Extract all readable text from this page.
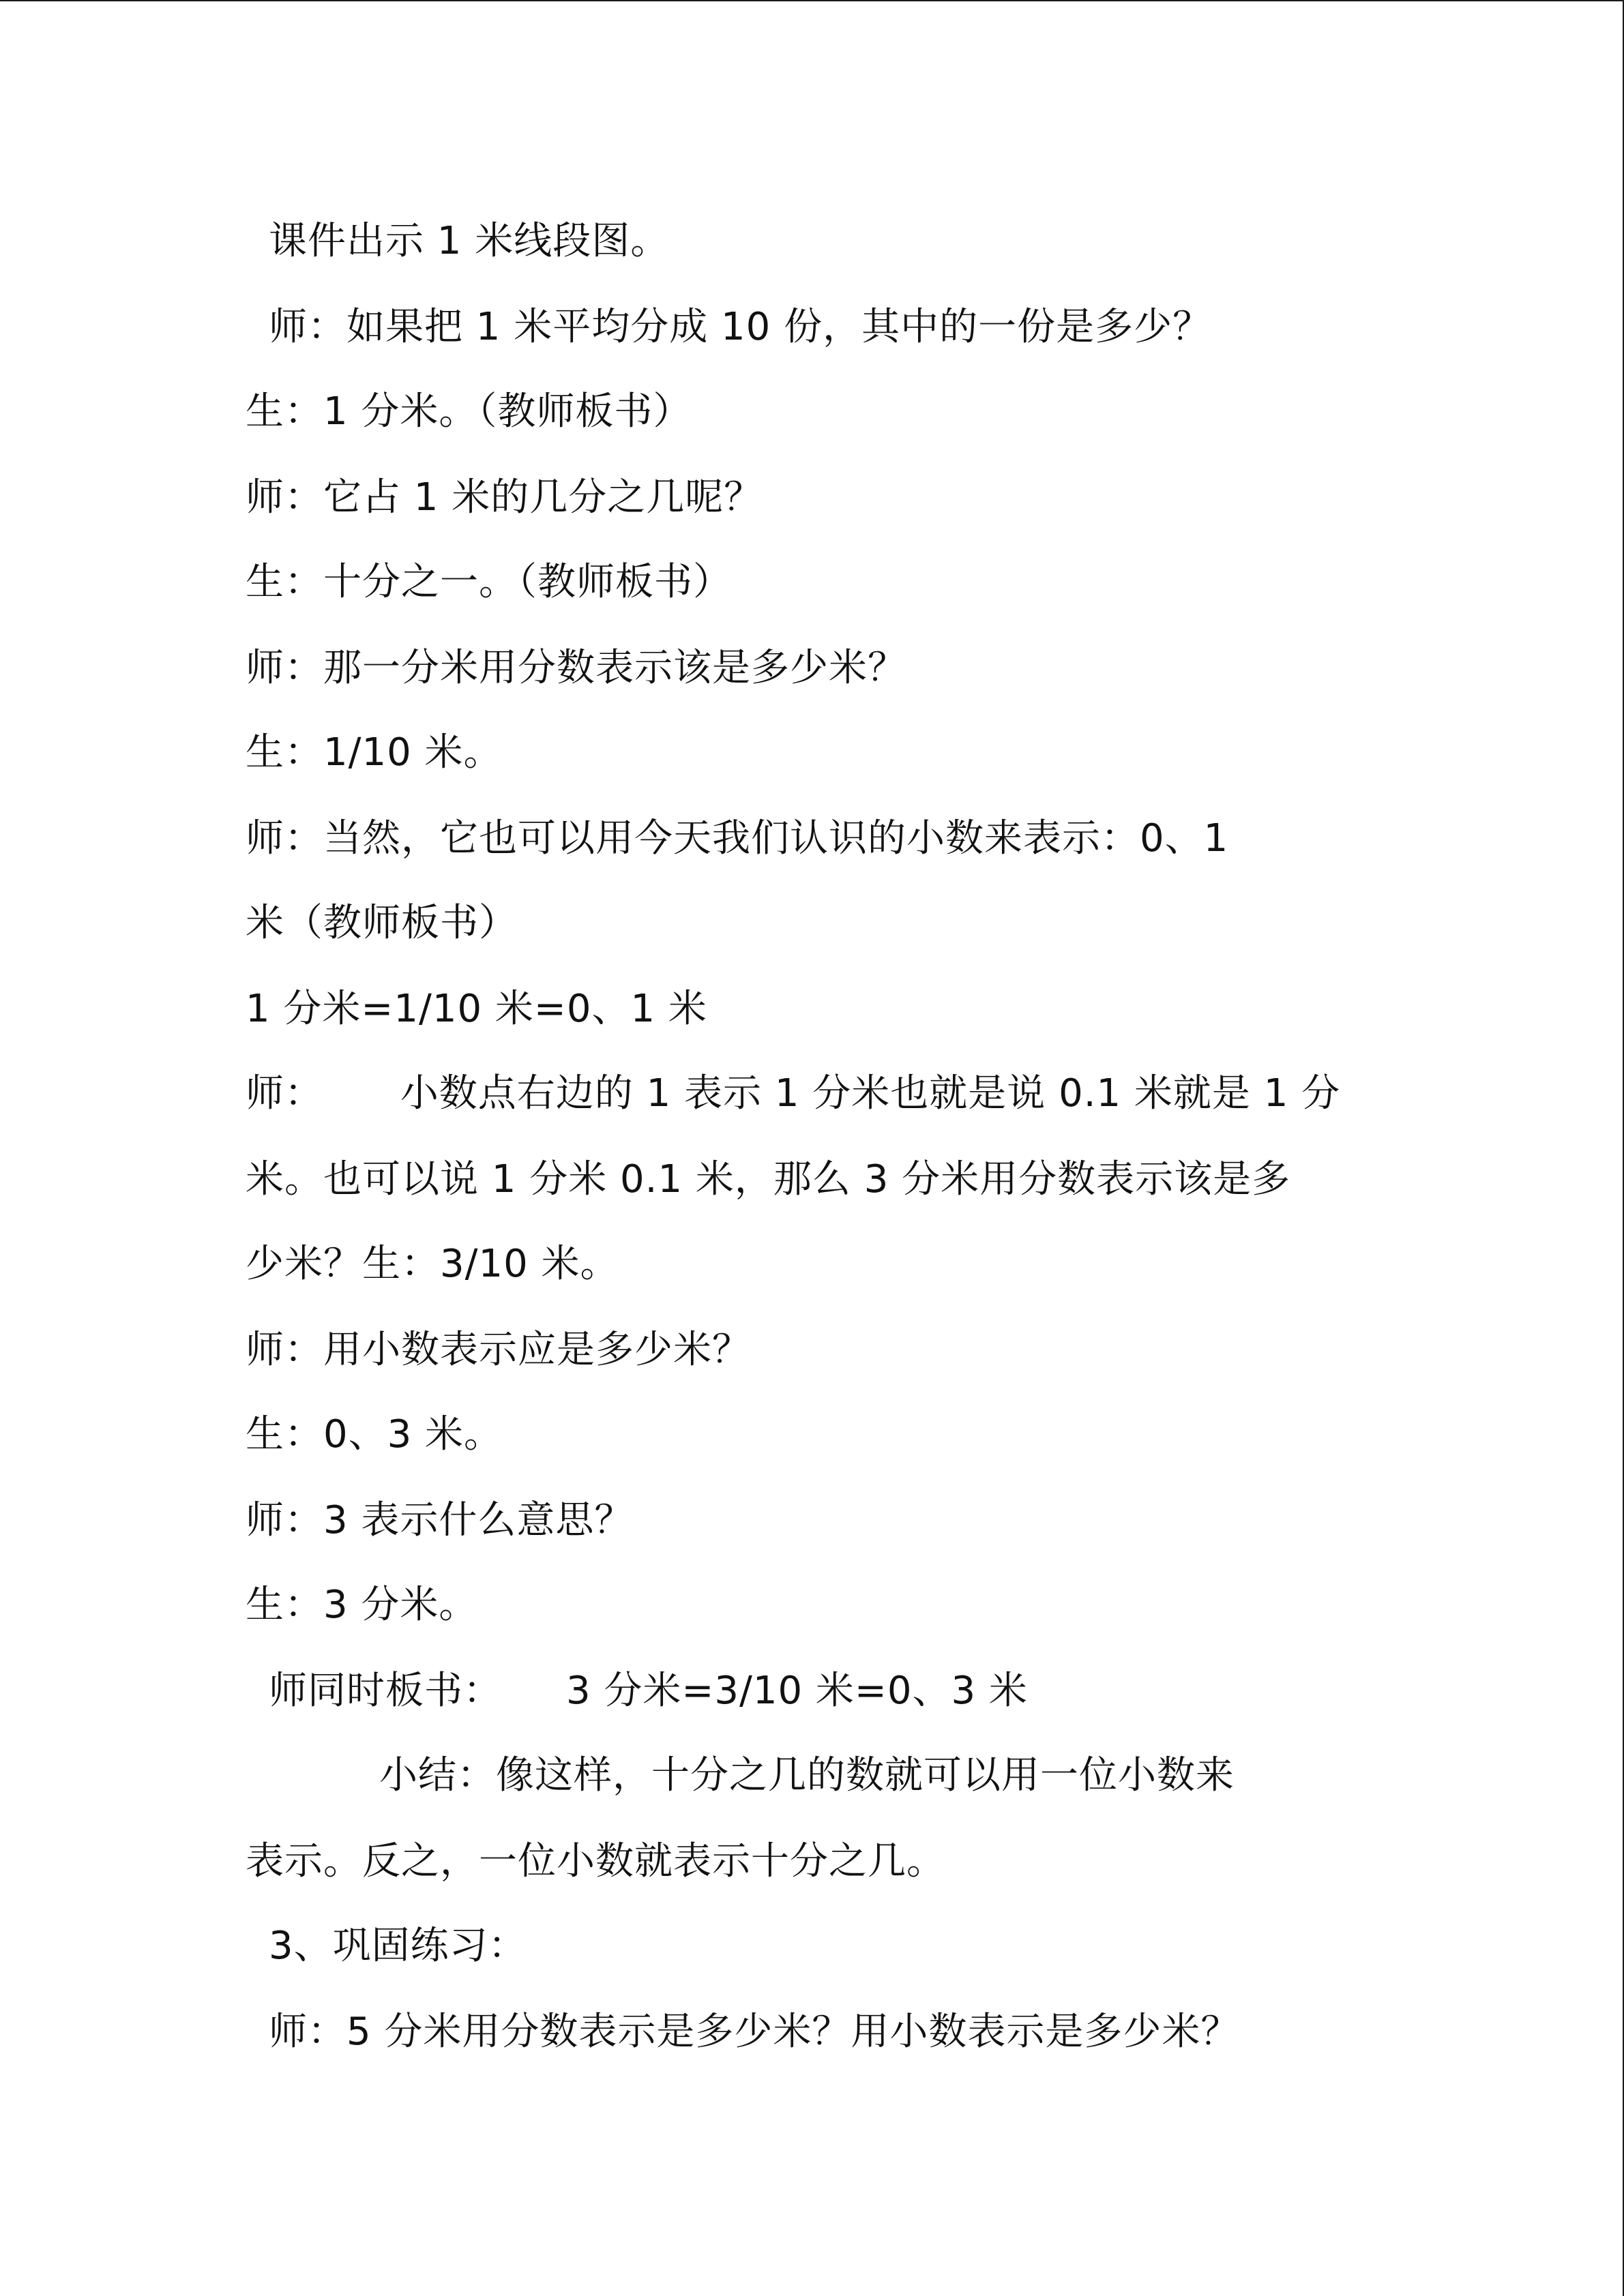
课件出示 1 米线段图。
师：如果把 1 米平均分成 10 份，其中的一份是多少？
生：1 分米。（教师板书）
师：它占 1 米的几分之几呢？
生：十分之一。（教师板书）
师：那一分米用分数表示该是多少米？
生：1/10 米。
师：当然，它也可以用今天我们认识的小数来表示：0、1
米（教师板书）
1 分米=1/10 米=0、1 米
师：      小数点右边的 1 表示 1 分米也就是说 0.1 米就是 1 分
米。也可以说 1 分米 0.1 米，那么 3 分米用分数表示该是多
少米？生：3/10 米。
师：用小数表示应是多少米？
生：0、3 米。
师：3 表示什么意思？
生：3 分米。
师同时板书：     3 分米=3/10 米=0、3 米
小结：像这样，十分之几的数就可以用一位小数来
表示。反之，一位小数就表示十分之几。
3、巩固练习：
师：5 分米用分数表示是多少米？用小数表示是多少米？
